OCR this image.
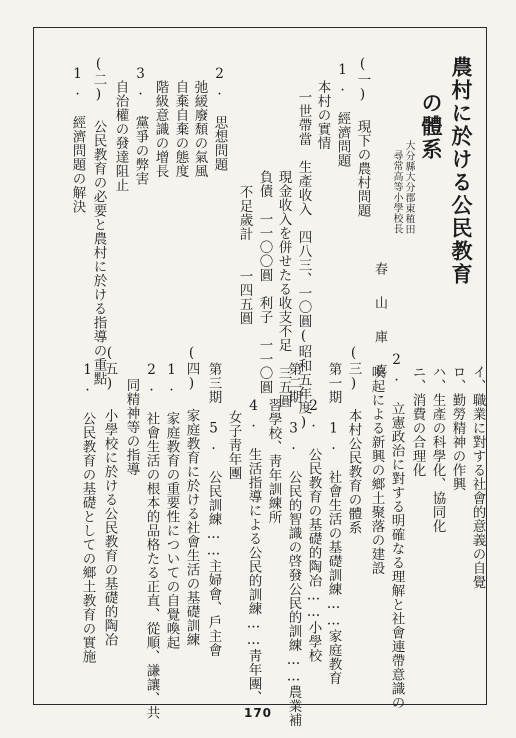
農村に於ける公民教育
の體系
大分縣大分郡東稙田
尋常高等小學校長
春 山 庫 喜
(一) 現下の農村問題
1. 經濟問題
本村の實情
一世帶當　生產收入　四八三、一〇圓(昭和五年度)
現金收入を併せたる收支不足　三五圓
負債　一一〇〇圓　利子　一一〇圓
不足歲計　　一四五圓
2. 思想問題
弛緩廢頹の氣風
自棄自棄の態度
階級意識の增長
3. 黨爭の弊害
自治權の發達阻止
(二) 公民教育の必要と農村に於ける指導の重點
1. 經濟問題の解決
イ、職業に對する社會的意義の自覺
ロ、勤勞精神の作興
ハ、生產の科學化、協同化
ニ、消費の合理化
2. 立憲政治に對する明確なる理解と社會連帶意識の
喚起による新興の鄉土聚落の建設
(三) 本村公民教育の體系
第一期 1. 社會生活の基礎訓練……家庭教育
2. 公民教育の基礎的陶冶……小學校
第二期 3. 公民的智識の啓發公民的訓練……農業補
習學校、靑年訓練所
4. 生活指導による公民的訓練……靑年團、
女子靑年團
第三期 5. 公民訓練……主婦會、戶主會
(四) 家庭教育に於ける社會生活の基礎訓練
1. 家庭教育の重要性についての自覺喚起
2. 社會生活の根本的品格たる正直、從順、謙讓、共
同精神等の指導
(五) 小學校に於ける公民教育の基礎的陶冶
1. 公民教育の基礎としての鄉土教育の實施
170
